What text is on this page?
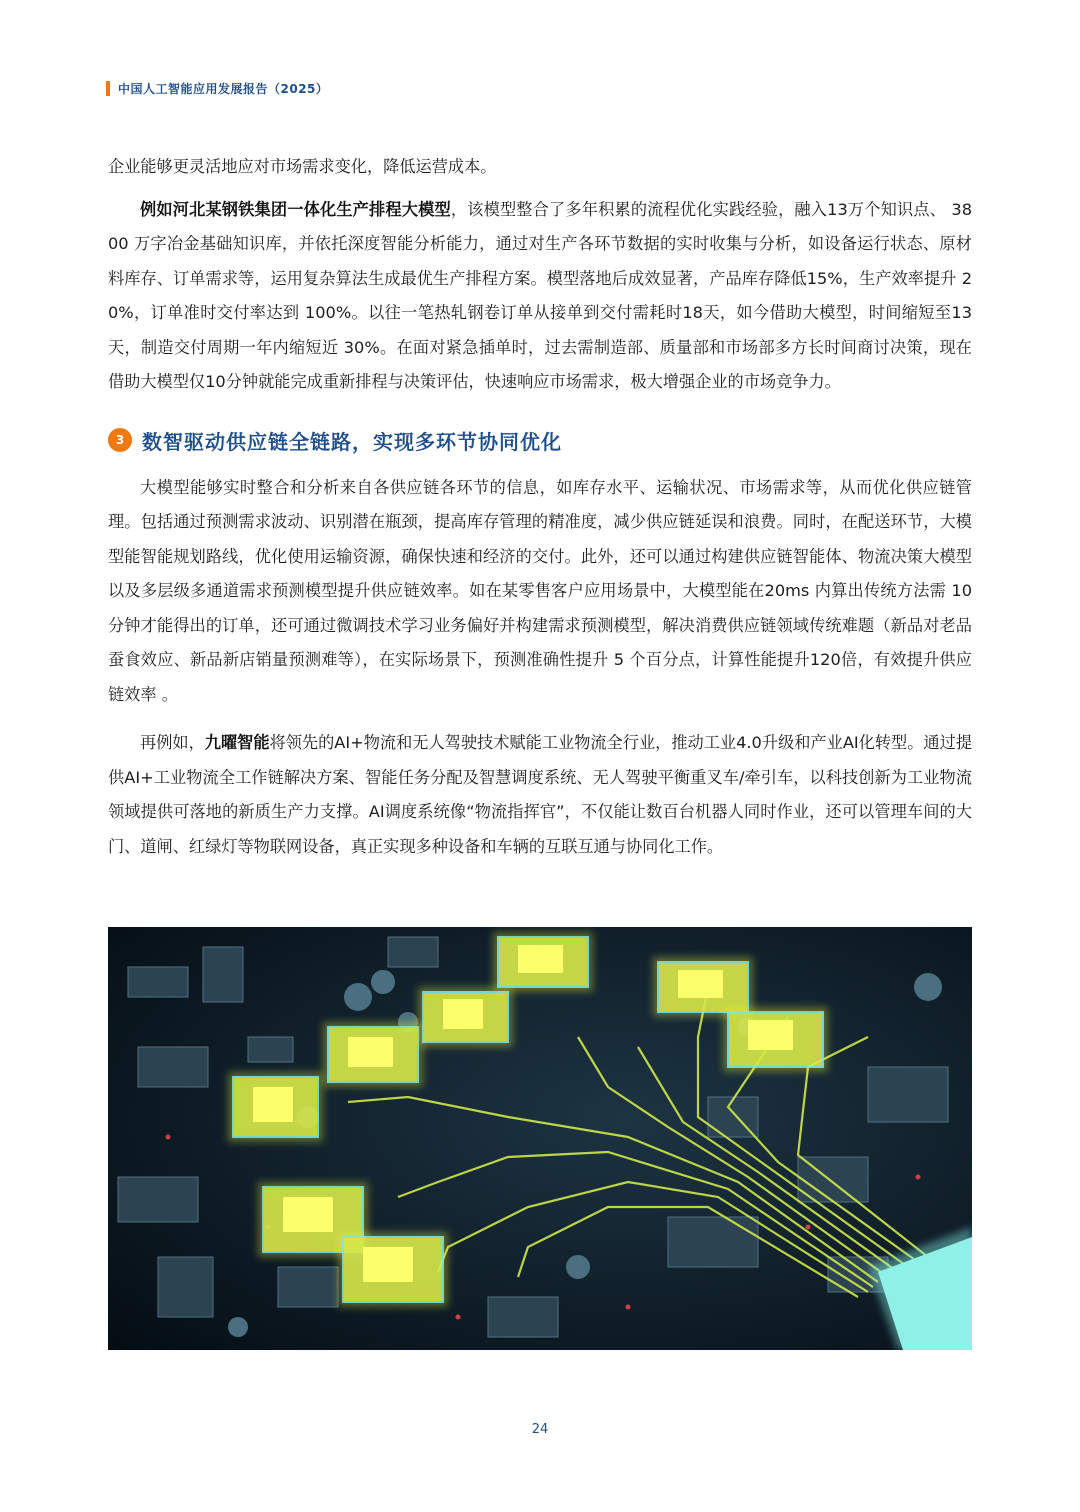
中国人工智能应用发展报告（2025）

企业能够更灵活地应对市场需求变化，降低运营成本。

例如河北某钢铁集团一体化生产排程大模型，该模型整合了多年积累的流程优化实践经验，融入13万个知识点、 3800 万字冶金基础知识库，并依托深度智能分析能力，通过对生产各环节数据的实时收集与分析，如设备运行状态、原材料库存、订单需求等，运用复杂算法生成最优生产排程方案。模型落地后成效显著，产品库存降低15%，生产效率提升 20%，订单准时交付率达到 100%。以往一笔热轧钢卷订单从接单到交付需耗时18天，如今借助大模型，时间缩短至13 天，制造交付周期一年内缩短近 30%。在面对紧急插单时，过去需制造部、质量部和市场部多方长时间商讨决策，现在借助大模型仅10分钟就能完成重新排程与决策评估，快速响应市场需求，极大增强企业的市场竞争力。

3 数智驱动供应链全链路，实现多环节协同优化

大模型能够实时整合和分析来自各供应链各环节的信息，如库存水平、运输状况、市场需求等，从而优化供应链管理。包括通过预测需求波动、识别潜在瓶颈，提高库存管理的精准度，减少供应链延误和浪费。同时，在配送环节，大模型能智能规划路线，优化使用运输资源，确保快速和经济的交付。此外，还可以通过构建供应链智能体、物流决策大模型以及多层级多通道需求预测模型提升供应链效率。如在某零售客户应用场景中，大模型能在20ms 内算出传统方法需 10 分钟才能得出的订单，还可通过微调技术学习业务偏好并构建需求预测模型，解决消费供应链领域传统难题（新品对老品蚕食效应、新品新店销量预测难等），在实际场景下，预测准确性提升 5 个百分点，计算性能提升120倍，有效提升供应链效率 。

再例如，九曜智能将领先的AI+物流和无人驾驶技术赋能工业物流全行业，推动工业4.0升级和产业AI化转型。通过提供AI+工业物流全工作链解决方案、智能任务分配及智慧调度系统、无人驾驶平衡重叉车/牵引车，以科技创新为工业物流领域提供可落地的新质生产力支撑。AI调度系统像“物流指挥官”，不仅能让数百台机器人同时作业，还可以管理车间的大门、道闸、红绿灯等物联网设备，真正实现多种设备和车辆的互联互通与协同化工作。

24
